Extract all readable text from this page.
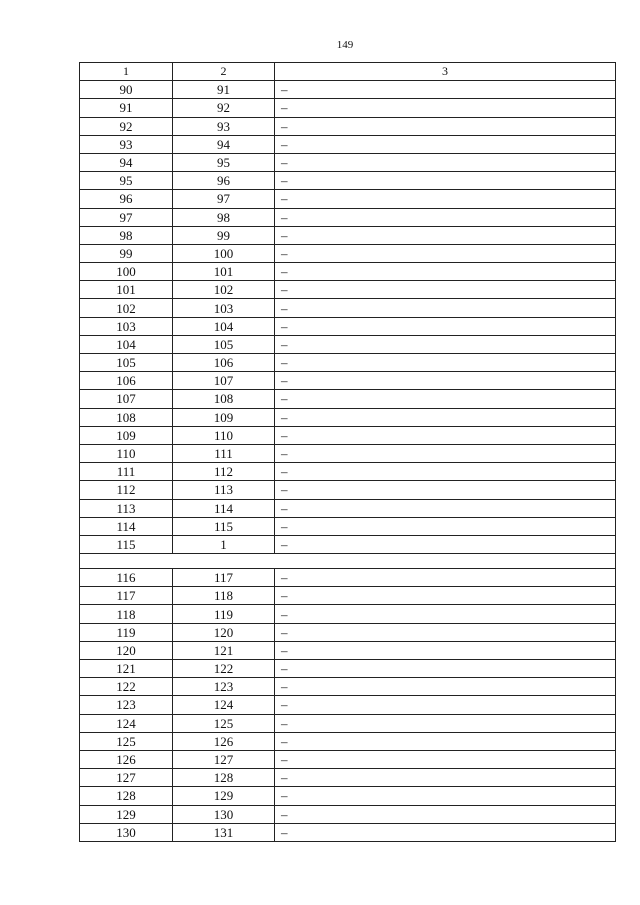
149
1	2	3
90	91	–
91	92	–
92	93	–
93	94	–
94	95	–
95	96	–
96	97	–
97	98	–
98	99	–
99	100	–
100	101	–
101	102	–
102	103	–
103	104	–
104	105	–
105	106	–
106	107	–
107	108	–
108	109	–
109	110	–
110	111	–
111	112	–
112	113	–
113	114	–
114	115	–
115	1	–

116	117	–
117	118	–
118	119	–
119	120	–
120	121	–
121	122	–
122	123	–
123	124	–
124	125	–
125	126	–
126	127	–
127	128	–
128	129	–
129	130	–
130	131	–
